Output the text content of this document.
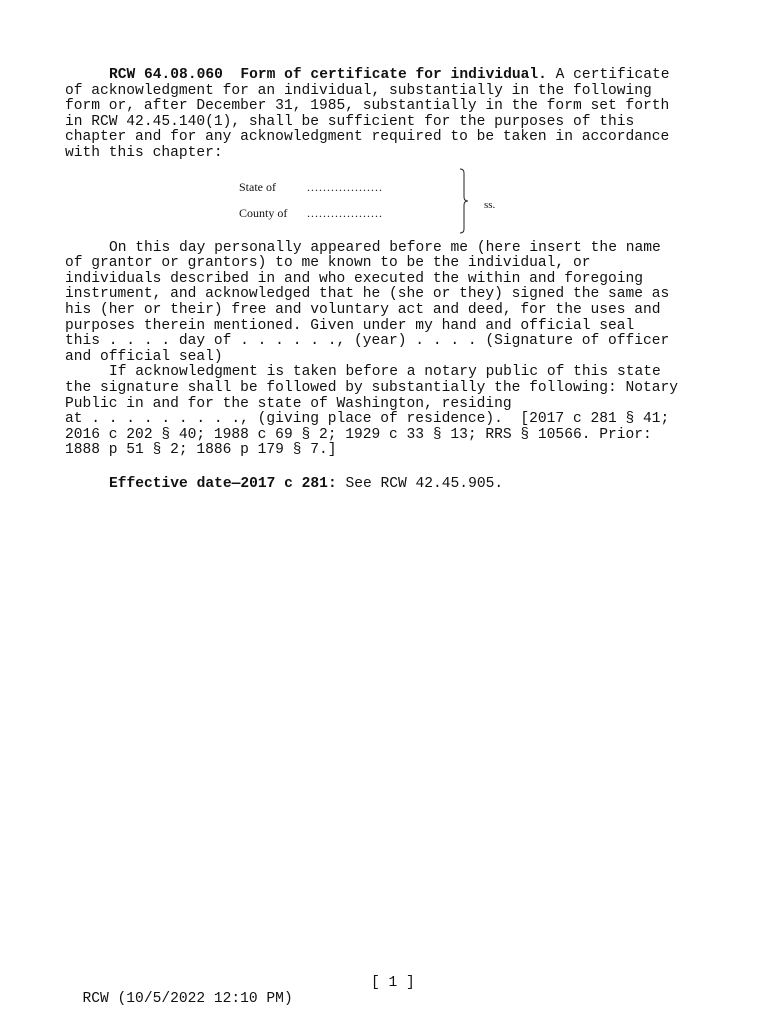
RCW 64.08.060 Form of certificate for individual. A certificate
of acknowledgment for an individual, substantially in the following
form or, after December 31, 1985, substantially in the form set forth
in RCW 42.45.140(1), shall be sufficient for the purposes of this
chapter and for any acknowledgment required to be taken in accordance
with this chapter:
State of	...................
County of ...................
ss.
On this day personally appeared before me (here insert the name
of grantor or grantors) to me known to be the individual, or
individuals described in and who executed the within and foregoing
instrument, and acknowledged that he (she or they) signed the same as
his (her or their) free and voluntary act and deed, for the uses and
purposes therein mentioned. Given under my hand and official seal
this . . . . day of . . . . . ., (year) . . . . (Signature of officer
and official seal)
If acknowledgment is taken before a notary public of this state
the signature shall be followed by substantially the following: Notary
Public in and for the state of Washington, residing
at . . . . . . . . ., (giving place of residence).  [2017 c 281 § 41;
2016 c 202 § 40; 1988 c 69 § 2; 1929 c 33 § 13; RRS § 10566. Prior:
1888 p 51 § 2; 1886 p 179 § 7.]
Effective date—2017 c 281: See RCW 42.45.905.

RCW (10/5/2022 12:10 PM)

[ 1 ]
